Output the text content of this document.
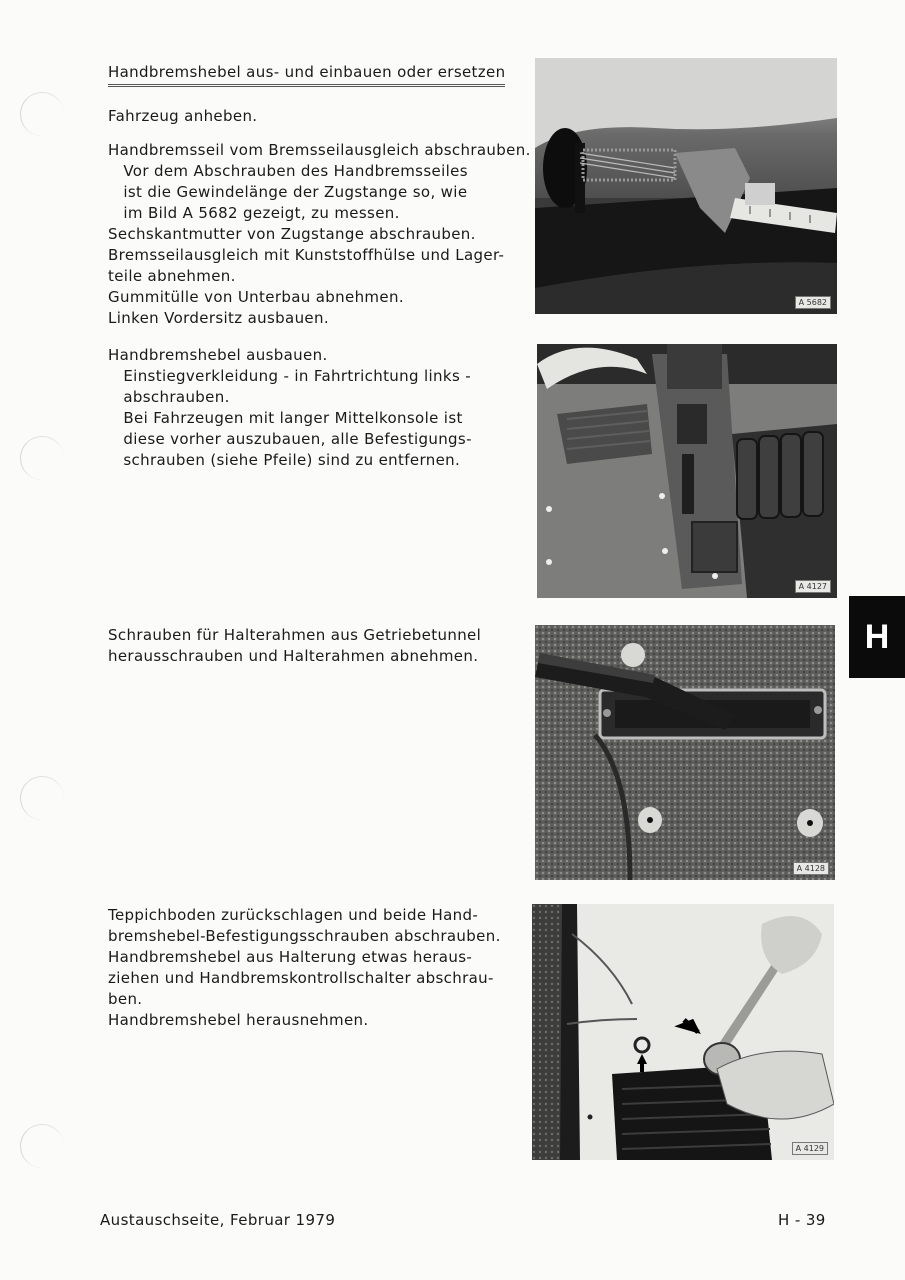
Handbremshebel aus- und einbauen oder ersetzen
Fahrzeug anheben.
Handbremsseil vom Bremsseilausgleich abschrauben.
Vor dem Abschrauben des Handbremsseiles
ist die Gewindelänge der Zugstange so, wie
im Bild A 5682 gezeigt, zu messen.
Sechskantmutter von Zugstange abschrauben.
Bremsseilausgleich mit Kunststoffhülse und Lager-
teile abnehmen.
Gummitülle von Unterbau abnehmen.
Linken Vordersitz ausbauen.
Handbremshebel ausbauen.
Einstiegverkleidung - in Fahrtrichtung links -
abschrauben.
Bei Fahrzeugen mit langer Mittelkonsole ist
diese vorher auszubauen, alle Befestigungs-
schrauben (siehe Pfeile) sind zu entfernen.
Schrauben für Halterahmen aus Getriebetunnel
herausschrauben und Halterahmen abnehmen.
Teppichboden zurückschlagen und beide Hand-
bremshebel-Befestigungsschrauben abschrauben.
Handbremshebel aus Halterung etwas heraus-
ziehen und Handbremskontrollschalter abschrau-
ben.
Handbremshebel herausnehmen.
A 5682
A 4127
A 4128
A 4129
H
Austauschseite, Februar 1979	H - 39
